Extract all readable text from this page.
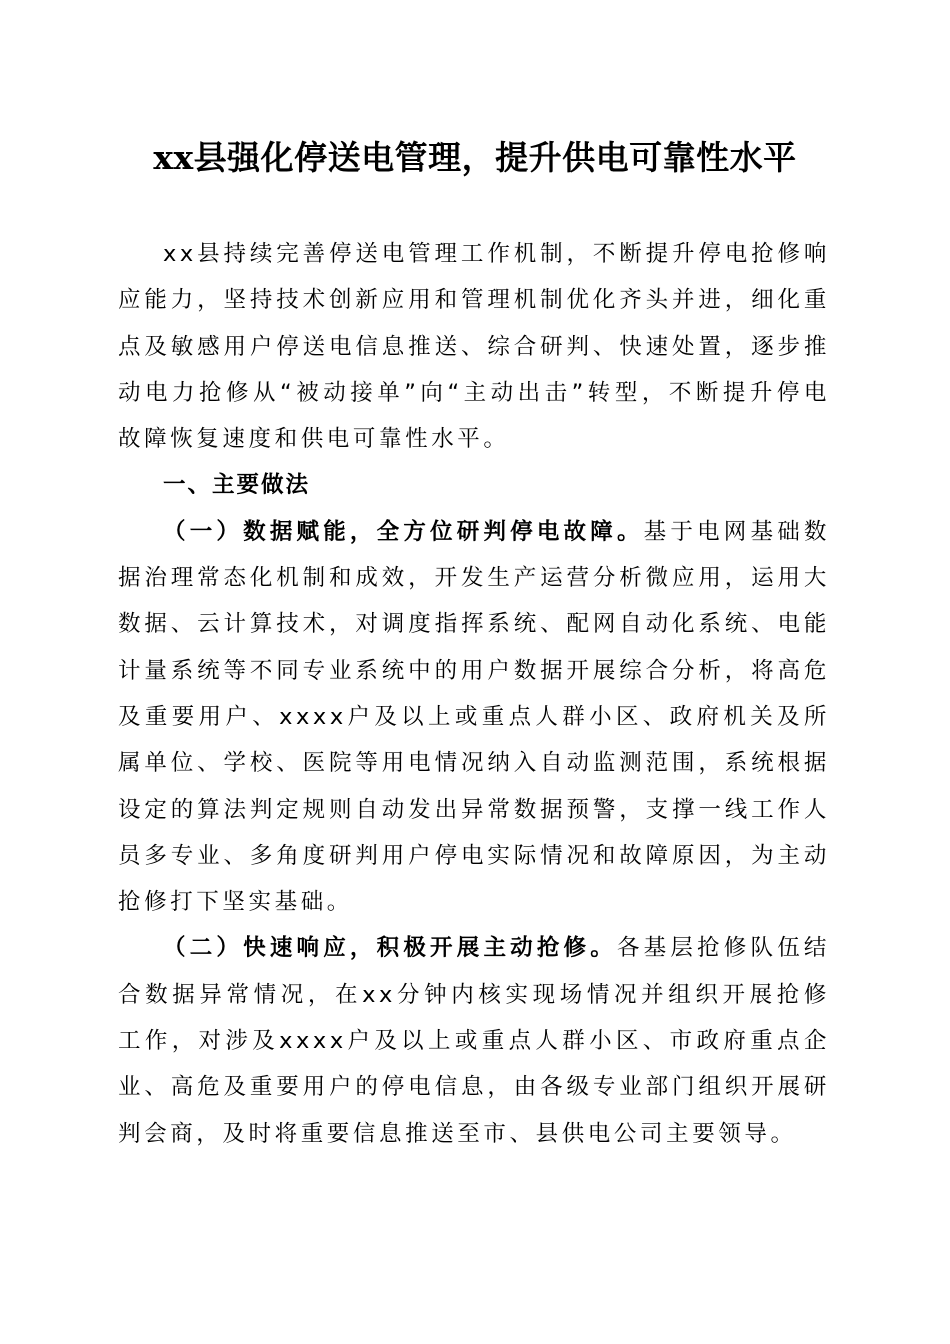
xx县强化停送电管理，提升供电可靠性水平

xx县持续完善停送电管理工作机制，不断提升停电抢修响应能力，坚持技术创新应用和管理机制优化齐头并进，细化重点及敏感用户停送电信息推送、综合研判、快速处置，逐步推动电力抢修从“被动接单”向“主动出击”转型，不断提升停电故障恢复速度和供电可靠性水平。

一、主要做法

（一）数据赋能，全方位研判停电故障。基于电网基础数据治理常态化机制和成效，开发生产运营分析微应用，运用大数据、云计算技术，对调度指挥系统、配网自动化系统、电能计量系统等不同专业系统中的用户数据开展综合分析，将高危及重要用户、xxxx户及以上或重点人群小区、政府机关及所属单位、学校、医院等用电情况纳入自动监测范围，系统根据设定的算法判定规则自动发出异常数据预警，支撑一线工作人员多专业、多角度研判用户停电实际情况和故障原因，为主动抢修打下坚实基础。

（二）快速响应，积极开展主动抢修。各基层抢修队伍结合数据异常情况，在xx分钟内核实现场情况并组织开展抢修工作，对涉及xxxx户及以上或重点人群小区、市政府重点企业、高危及重要用户的停电信息，由各级专业部门组织开展研判会商，及时将重要信息推送至市、县供电公司主要领导。
